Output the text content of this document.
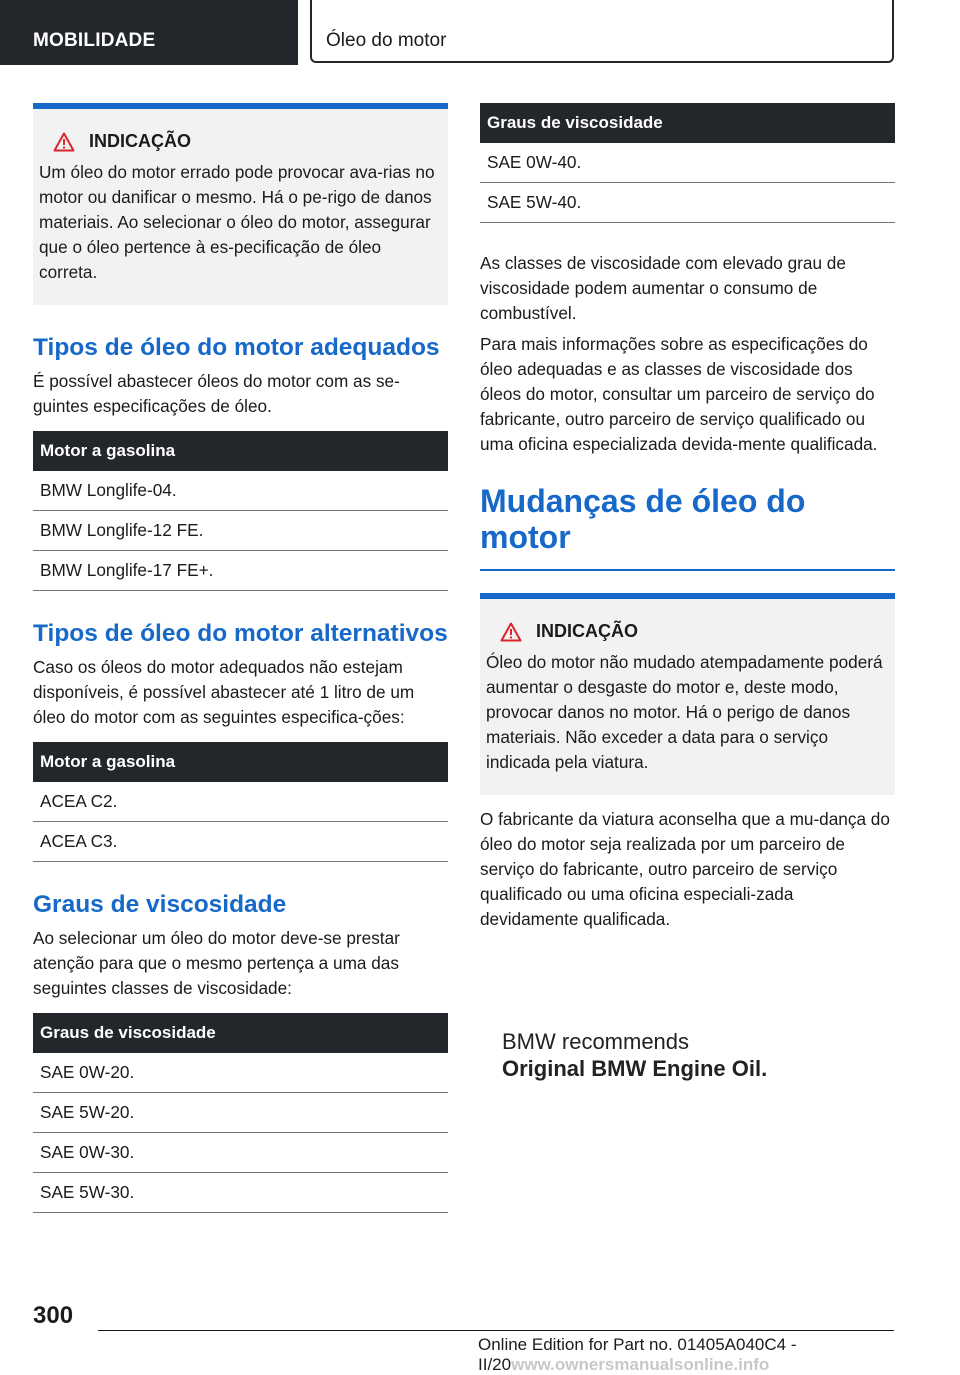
MOBILIDADE	Óleo do motor
INDICAÇÃO
Um óleo do motor errado pode provocar ava-rias no motor ou danificar o mesmo. Há o pe-rigo de danos materiais. Ao selecionar o óleo do motor, assegurar que o óleo pertence à es-pecificação de óleo correta.
Tipos de óleo do motor adequados

É possível abastecer óleos do motor com as se-guintes especificações de óleo.

Motor a gasolina
BMW Longlife-04.
BMW Longlife-12 FE.
BMW Longlife-17 FE+.
Tipos de óleo do motor alternativos

Caso os óleos do motor adequados não estejam disponíveis, é possível abastecer até 1 litro de um óleo do motor com as seguintes especifica-ções:

Motor a gasolina
ACEA C2.
ACEA C3.
Graus de viscosidade

Ao selecionar um óleo do motor deve-se prestar atenção para que o mesmo pertença a uma das seguintes classes de viscosidade:

Graus de viscosidade
SAE 0W-20.
SAE 5W-20.
SAE 0W-30.
SAE 5W-30.
Graus de viscosidade
SAE 0W-40.
SAE 5W-40.

As classes de viscosidade com elevado grau de viscosidade podem aumentar o consumo de combustível.

Para mais informações sobre as especificações do óleo adequadas e as classes de viscosidade dos óleos do motor, consultar um parceiro de serviço do fabricante, outro parceiro de serviço qualificado ou uma oficina especializada devida-mente qualificada.

Mudanças de óleo do motor
INDICAÇÃO
Óleo do motor não mudado atempadamente poderá aumentar o desgaste do motor e, deste modo, provocar danos no motor. Há o perigo de danos materiais. Não exceder a data para o serviço indicada pela viatura.

O fabricante da viatura aconselha que a mu-dança do óleo do motor seja realizada por um parceiro de serviço do fabricante, outro parceiro de serviço qualificado ou uma oficina especiali-zada devidamente qualificada.

BMW recommends
Original BMW Engine Oil.
300
Online Edition for Part no. 01405A040C4 - II/20www.ownersmanualsonline.info
